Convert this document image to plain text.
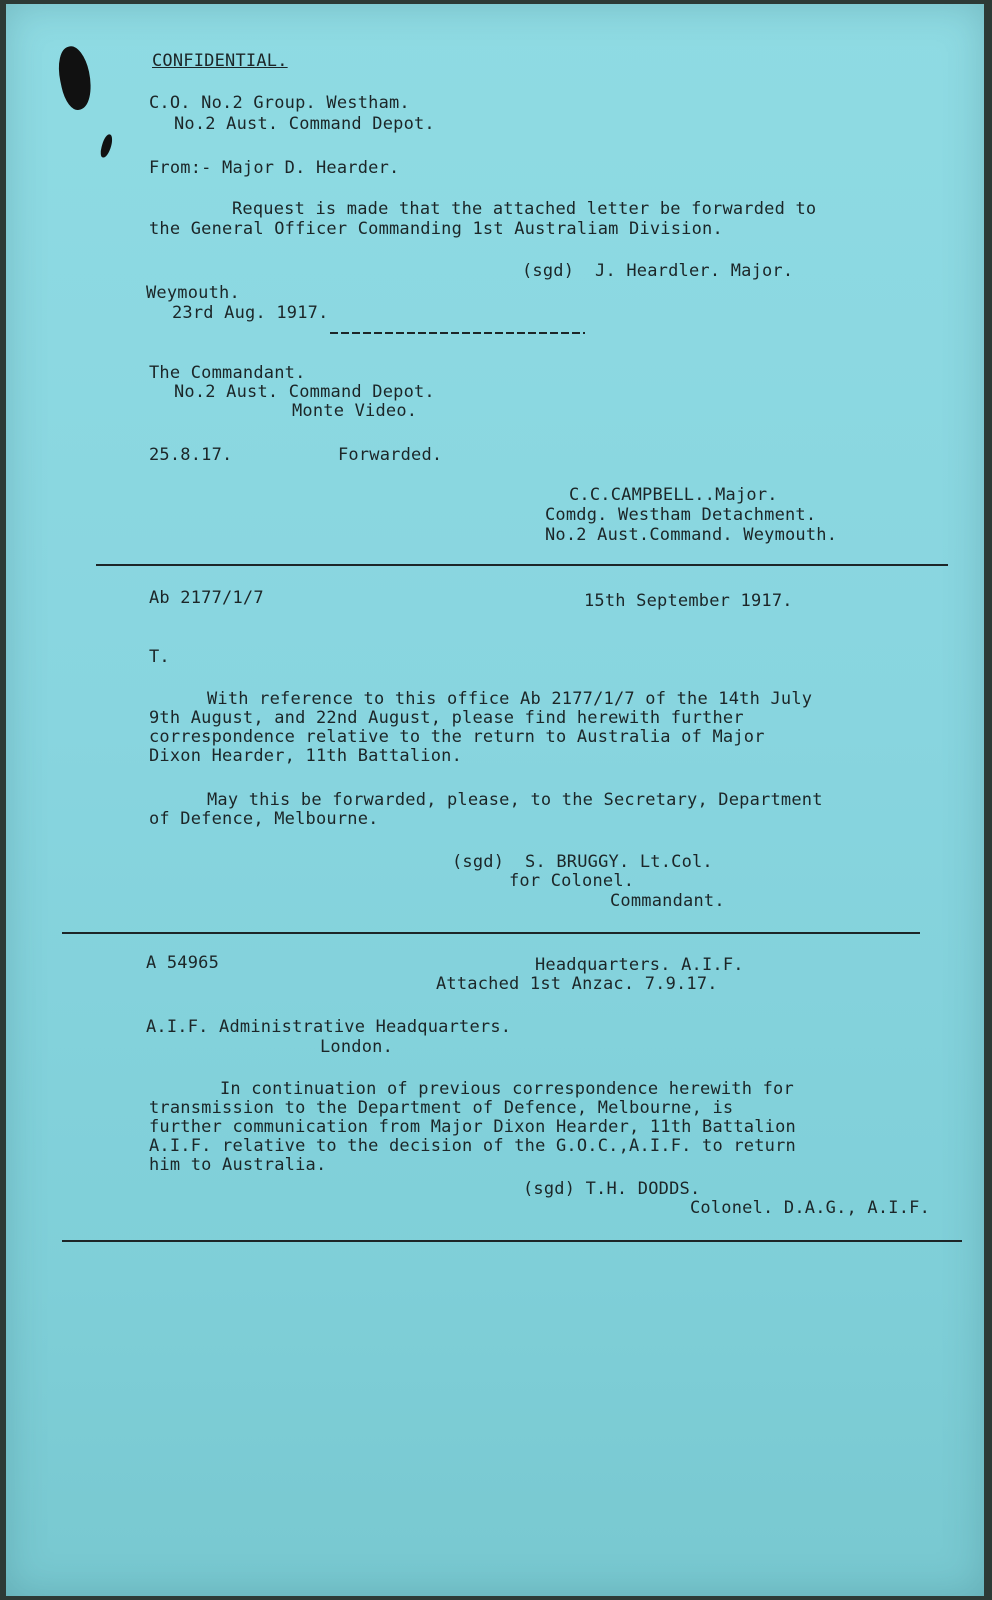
CONFIDENTIAL.
C.O. No.2 Group. Westham.
No.2 Aust. Command Depot.
From:- Major D. Hearder.
Request is made that the attached letter be forwarded to
the General Officer Commanding 1st Australiam Division.
(sgd)  J. Heardler. Major.
Weymouth.
23rd Aug. 1917.
The Commandant.
No.2 Aust. Command Depot.
Monte Video.
25.8.17.	Forwarded.
C.C.CAMPBELL..Major.
Comdg. Westham Detachment.
No.2 Aust.Command. Weymouth.
Ab 2177/1/7	15th September 1917.
T.
With reference to this office Ab 2177/1/7 of the 14th July
9th August, and 22nd August, please find herewith further
correspondence relative to the return to Australia of Major
Dixon Hearder, 11th Battalion.
May this be forwarded, please, to the Secretary, Department
of Defence, Melbourne.
(sgd)  S. BRUGGY. Lt.Col.
for Colonel.
Commandant.
A 54965	Headquarters. A.I.F.
Attached 1st Anzac. 7.9.17.
A.I.F. Administrative Headquarters.
London.
In continuation of previous correspondence herewith for
transmission to the Department of Defence, Melbourne, is
further communication from Major Dixon Hearder, 11th Battalion
A.I.F. relative to the decision of the G.O.C.,A.I.F. to return
him to Australia.
(sgd) T.H. DODDS.
Colonel. D.A.G., A.I.F.
